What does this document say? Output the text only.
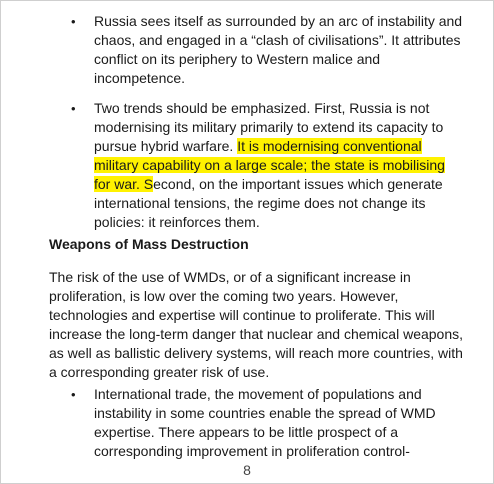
• Russia sees itself as surrounded by an arc of instability and
chaos, and engaged in a “clash of civilisations”. It attributes
conflict on its periphery to Western malice and
incompetence.

• Two trends should be emphasized. First, Russia is not
modernising its military primarily to extend its capacity to
pursue hybrid warfare. It is modernising conventional
military capability on a large scale; the state is mobilising
for war. Second, on the important issues which generate
international tensions, the regime does not change its
policies: it reinforces them.

Weapons of Mass Destruction

The risk of the use of WMDs, or of a significant increase in
proliferation, is low over the coming two years. However,
technologies and expertise will continue to proliferate. This will
increase the long-term danger that nuclear and chemical weapons,
as well as ballistic delivery systems, will reach more countries, with
a corresponding greater risk of use.

• International trade, the movement of populations and
instability in some countries enable the spread of WMD
expertise. There appears to be little prospect of a
corresponding improvement in proliferation control-

8
